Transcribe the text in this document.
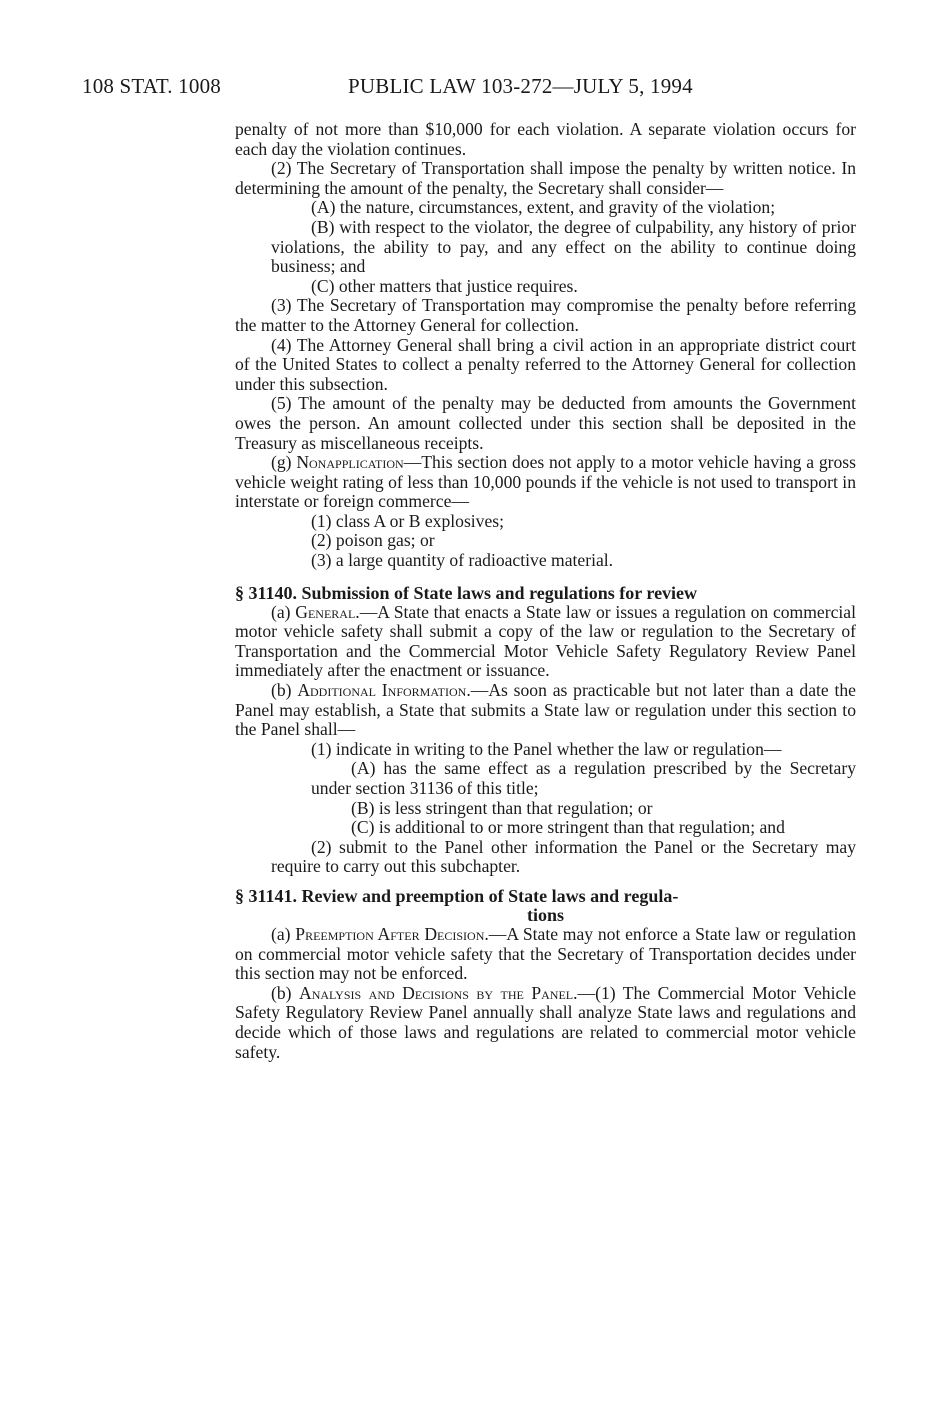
108 STAT. 1008	PUBLIC LAW 103-272—JULY 5, 1994

penalty of not more than $10,000 for each violation. A separate violation occurs for each day the violation continues.

(2) The Secretary of Transportation shall impose the penalty by written notice. In determining the amount of the penalty, the Secretary shall consider—

(A) the nature, circumstances, extent, and gravity of the violation;

(B) with respect to the violator, the degree of culpability, any history of prior violations, the ability to pay, and any effect on the ability to continue doing business; and

(C) other matters that justice requires.

(3) The Secretary of Transportation may compromise the penalty before referring the matter to the Attorney General for collection.

(4) The Attorney General shall bring a civil action in an appropriate district court of the United States to collect a penalty referred to the Attorney General for collection under this subsection.

(5) The amount of the penalty may be deducted from amounts the Government owes the person. An amount collected under this section shall be deposited in the Treasury as miscellaneous receipts.

(g) Nonapplication—This section does not apply to a motor vehicle having a gross vehicle weight rating of less than 10,000 pounds if the vehicle is not used to transport in interstate or foreign commerce—

(1) class A or B explosives;

(2) poison gas; or

(3) a large quantity of radioactive material.

§ 31140. Submission of State laws and regulations for review

(a) General.—A State that enacts a State law or issues a regulation on commercial motor vehicle safety shall submit a copy of the law or regulation to the Secretary of Transportation and the Commercial Motor Vehicle Safety Regulatory Review Panel immediately after the enactment or issuance.

(b) Additional Information.—As soon as practicable but not later than a date the Panel may establish, a State that submits a State law or regulation under this section to the Panel shall—

(1) indicate in writing to the Panel whether the law or regulation—

(A) has the same effect as a regulation prescribed by the Secretary under section 31136 of this title;

(B) is less stringent than that regulation; or

(C) is additional to or more stringent than that regulation; and

(2) submit to the Panel other information the Panel or the Secretary may require to carry out this subchapter.

§ 31141. Review and preemption of State laws and regula-
tions

(a) Preemption After Decision.—A State may not enforce a State law or regulation on commercial motor vehicle safety that the Secretary of Transportation decides under this section may not be enforced.

(b) Analysis and Decisions by the Panel.—(1) The Commercial Motor Vehicle Safety Regulatory Review Panel annually shall analyze State laws and regulations and decide which of those laws and regulations are related to commercial motor vehicle safety.
